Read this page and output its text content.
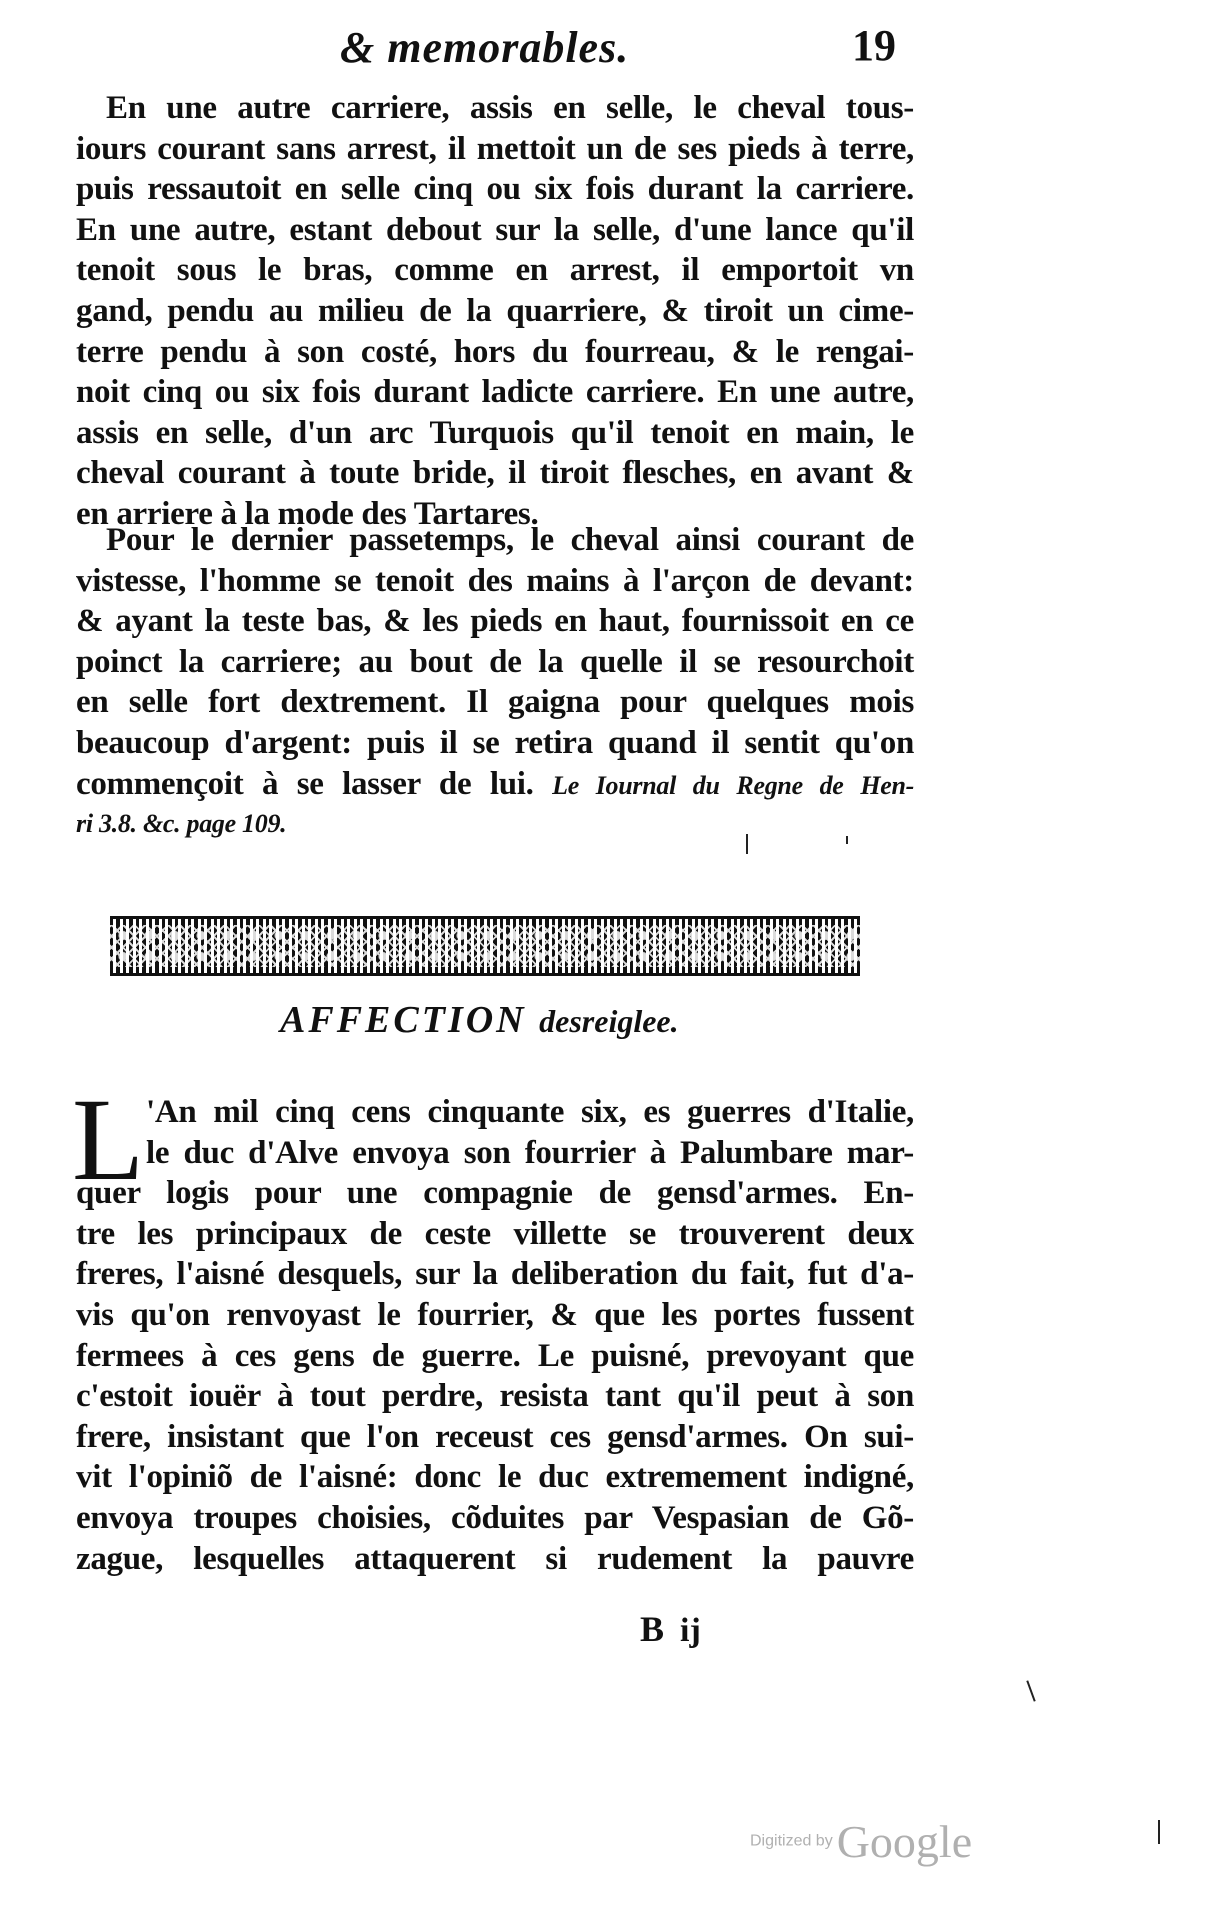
& memorables.	19
En une autre carriere, assis en selle, le cheval tous-
iours courant sans arrest, il mettoit un de ses pieds à terre,
puis ressautoit en selle cinq ou six fois durant la carriere.
En une autre, estant debout sur la selle, d'une lance qu'il
tenoit sous le bras, comme en arrest, il emportoit vn
gand, pendu au milieu de la quarriere, & tiroit un cime-
terre pendu à son costé, hors du fourreau, & le rengai-
noit cinq ou six fois durant ladicte carriere. En une autre,
assis en selle, d'un arc Turquois qu'il tenoit en main, le
cheval courant à toute bride, il tiroit flesches, en avant &
en arriere à la mode des Tartares.
Pour le dernier passetemps, le cheval ainsi courant de
vistesse, l'homme se tenoit des mains à l'arçon de devant:
& ayant la teste bas, & les pieds en haut, fournissoit en ce
poinct la carriere; au bout de la quelle il se resourchoit
en selle fort dextrement. Il gaigna pour quelques mois
beaucoup d'argent: puis il se retira quand il sentit qu'on
commençoit à se lasser de lui. Le Iournal du Regne de Hen-
ri 3.8. &c. page 109.
AFFECTION desreiglee.
L 'An mil cinq cens cinquante six, es guerres d'Italie,
le duc d'Alve envoya son fourrier à Palumbare mar-
quer logis pour une compagnie de gensd'armes. En-
tre les principaux de ceste villette se trouverent deux
freres, l'aisné desquels, sur la deliberation du fait, fut d'a-
vis qu'on renvoyast le fourrier, & que les portes fussent
fermees à ces gens de guerre. Le puisné, prevoyant que
c'estoit iouër à tout perdre, resista tant qu'il peut à son
frere, insistant que l'on receust ces gensd'armes. On sui-
vit l'opiniõ de l'aisné: donc le duc extremement indigné,
envoya troupes choisies, cõduites par Vespasian de Gõ-
zague, lesquelles attaquerent si rudement la pauvre
B ij
Digitized byGoogle
